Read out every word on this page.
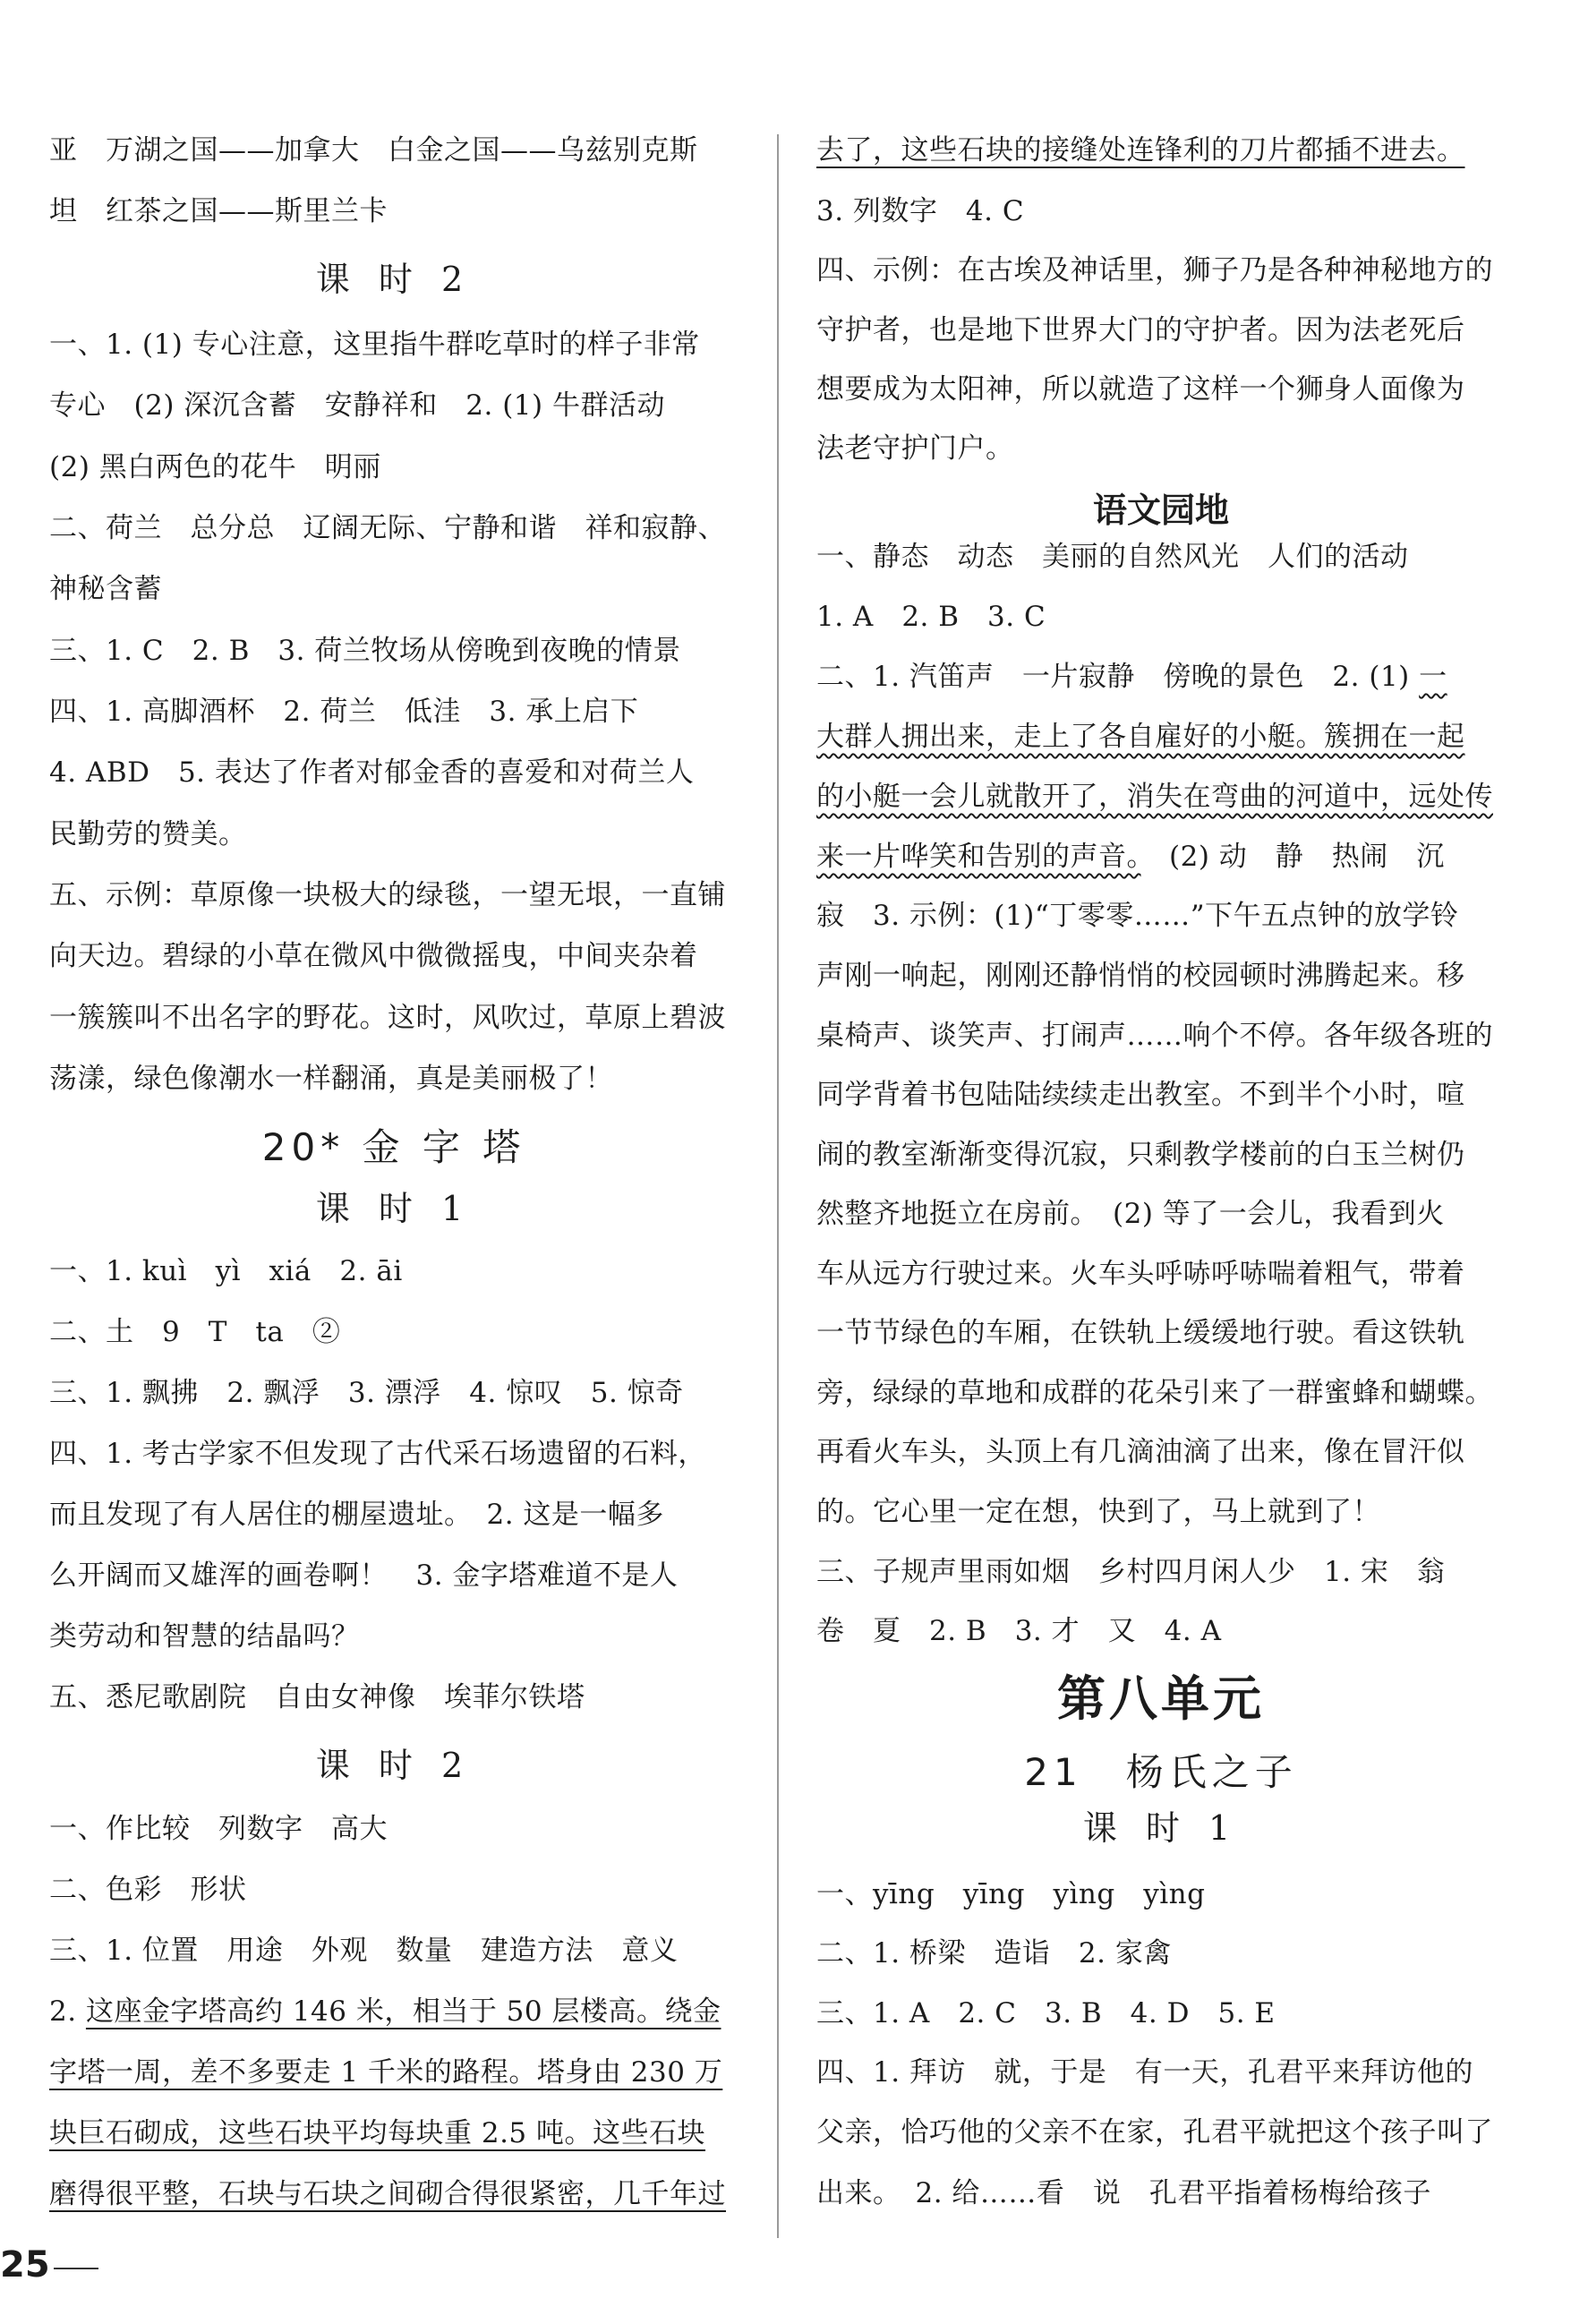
亚　万湖之国——加拿大　白金之国——乌兹别克斯
坦　红茶之国——斯里兰卡
课 时 2
一、1. (1) 专心注意，这里指牛群吃草时的样子非常
专心　(2) 深沉含蓄　安静祥和　2. (1) 牛群活动
(2) 黑白两色的花牛　明丽
二、荷兰　总分总　辽阔无际、宁静和谐　祥和寂静、
神秘含蓄
三、1. C　2. B　3. 荷兰牧场从傍晚到夜晚的情景
四、1. 高脚酒杯　2. 荷兰　低洼　3. 承上启下
4. ABD　5. 表达了作者对郁金香的喜爱和对荷兰人
民勤劳的赞美。
五、示例：草原像一块极大的绿毯，一望无垠，一直铺
向天边。碧绿的小草在微风中微微摇曳，中间夹杂着
一簇簇叫不出名字的野花。这时，风吹过，草原上碧波
荡漾，绿色像潮水一样翻涌，真是美丽极了！
20* 金 字 塔
课 时 1
一、1. kuì　yì　xiá　2. āi
二、土　9　T　ta　②
三、1. 飘拂　2. 飘浮　3. 漂浮　4. 惊叹　5. 惊奇
四、1. 考古学家不但发现了古代采石场遗留的石料，
而且发现了有人居住的棚屋遗址。　2. 这是一幅多
么开阔而又雄浑的画卷啊！　3. 金字塔难道不是人
类劳动和智慧的结晶吗？
五、悉尼歌剧院　自由女神像　埃菲尔铁塔
课 时 2
一、作比较　列数字　高大
二、色彩　形状
三、1. 位置　用途　外观　数量　建造方法　意义
2. 这座金字塔高约 146 米，相当于 50 层楼高。绕金
字塔一周，差不多要走 1 千米的路程。塔身由 230 万
块巨石砌成，这些石块平均每块重 2.5 吨。这些石块
磨得很平整，石块与石块之间砌合得很紧密，几千年过
去了，这些石块的接缝处连锋利的刀片都插不进去。
3. 列数字　4. C
四、示例：在古埃及神话里，狮子乃是各种神秘地方的
守护者，也是地下世界大门的守护者。因为法老死后
想要成为太阳神，所以就造了这样一个狮身人面像为
法老守护门户。
语文园地
一、静态　动态　美丽的自然风光　人们的活动
1. A　2. B　3. C
二、1. 汽笛声　一片寂静　傍晚的景色　2. (1) 一
大群人拥出来，走上了各自雇好的小艇。簇拥在一起
的小艇一会儿就散开了，消失在弯曲的河道中，远处传
来一片哗笑和告别的声音。　(2) 动　静　热闹　沉
寂　3. 示例：(1)“丁零零……”下午五点钟的放学铃
声刚一响起，刚刚还静悄悄的校园顿时沸腾起来。移
桌椅声、谈笑声、打闹声……响个不停。各年级各班的
同学背着书包陆陆续续走出教室。不到半个小时，喧
闹的教室渐渐变得沉寂，只剩教学楼前的白玉兰树仍
然整齐地挺立在房前。　(2) 等了一会儿，我看到火
车从远方行驶过来。火车头呼哧呼哧喘着粗气，带着
一节节绿色的车厢，在铁轨上缓缓地行驶。看这铁轨
旁，绿绿的草地和成群的花朵引来了一群蜜蜂和蝴蝶。
再看火车头，头顶上有几滴油滴了出来，像在冒汗似
的。它心里一定在想，快到了，马上就到了！
三、子规声里雨如烟　乡村四月闲人少　1. 宋　翁
卷　夏　2. B　3. 才　又　4. A
第八单元
21　杨氏之子
课 时 1
一、yīng　yīng　yìng　yìng
二、1. 桥梁　造诣　2. 家禽
三、1. A　2. C　3. B　4. D　5. E
四、1. 拜访　就，于是　有一天，孔君平来拜访他的
父亲，恰巧他的父亲不在家，孔君平就把这个孩子叫了
出来。　2. 给……看　说　孔君平指着杨梅给孩子
25
